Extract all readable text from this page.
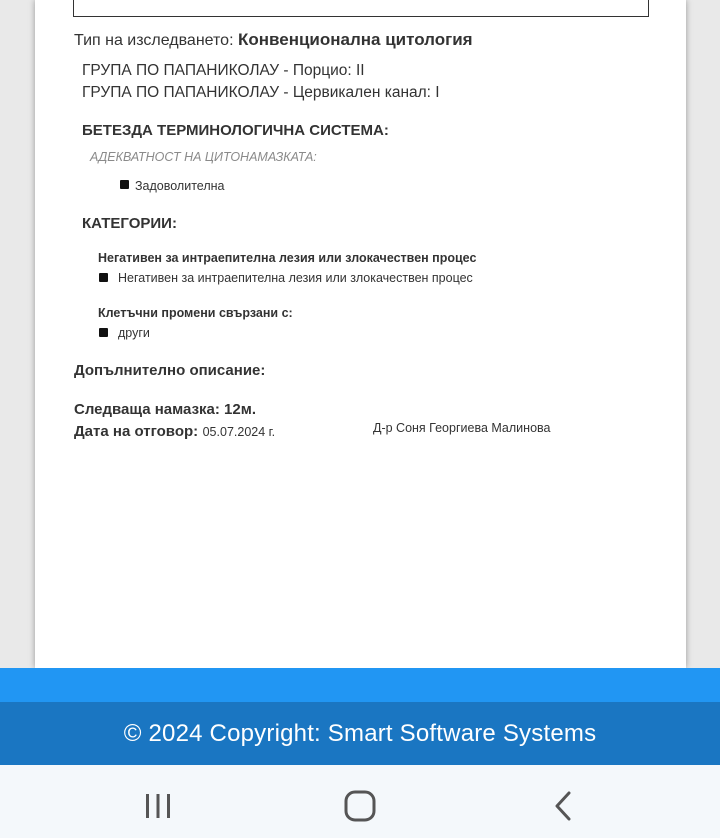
Тип на изследването: Конвенционална цитология
ГРУПА ПО ПАПАНИКОЛАУ - Порцио: II
ГРУПА ПО ПАПАНИКОЛАУ - Цервикален канал: I
БЕТЕЗДА ТЕРМИНОЛОГИЧНА СИСТЕМА:
АДЕКВАТНОСТ НА ЦИТОНАМАЗКАТА:
Задоволителна
КАТЕГОРИИ:
Негативен за интраепителна лезия или злокачествен процес
Негативен за интраепителна лезия или злокачествен процес
Клетъчни промени свързани с:
други
Допълнително описание:
Следваща намазка: 12м.
Дата на отговор: 05.07.2024 г.	Д-р Соня Георгиева Малинова
© 2024 Copyright: Smart Software Systems
